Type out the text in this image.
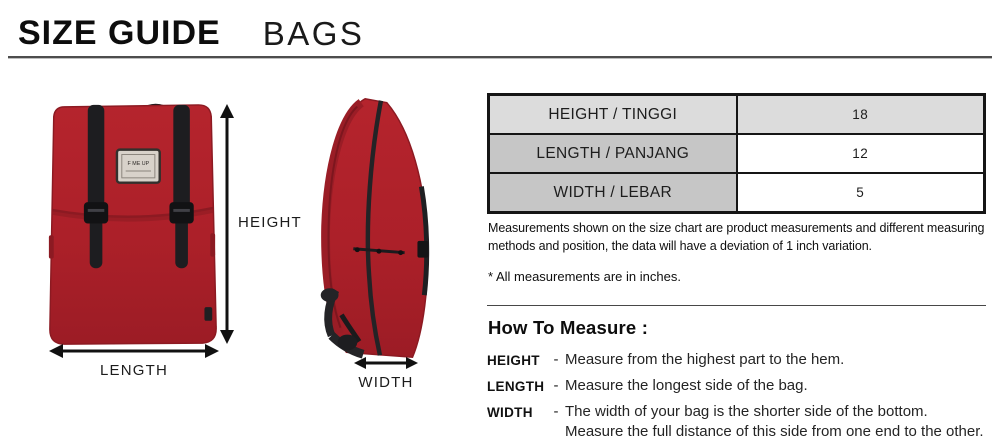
SIZE GUIDE BAGS
F ME UP
HEIGHT
LENGTH
WIDTH
HEIGHT / TINGGI	18
LENGTH / PANJANG	12
WIDTH / LEBAR	5

Measurements shown on the size chart are product measurements and different measuring methods and position, the data will have a deviation of 1 inch variation.

* All measurements are in inches.

How To Measure :
HEIGHT - Measure from the highest part to the hem.
LENGTH - Measure the longest side of the bag.
WIDTH	- The width of your bag is the shorter side of the bottom. Measure the full distance of this side from one end to the other.
